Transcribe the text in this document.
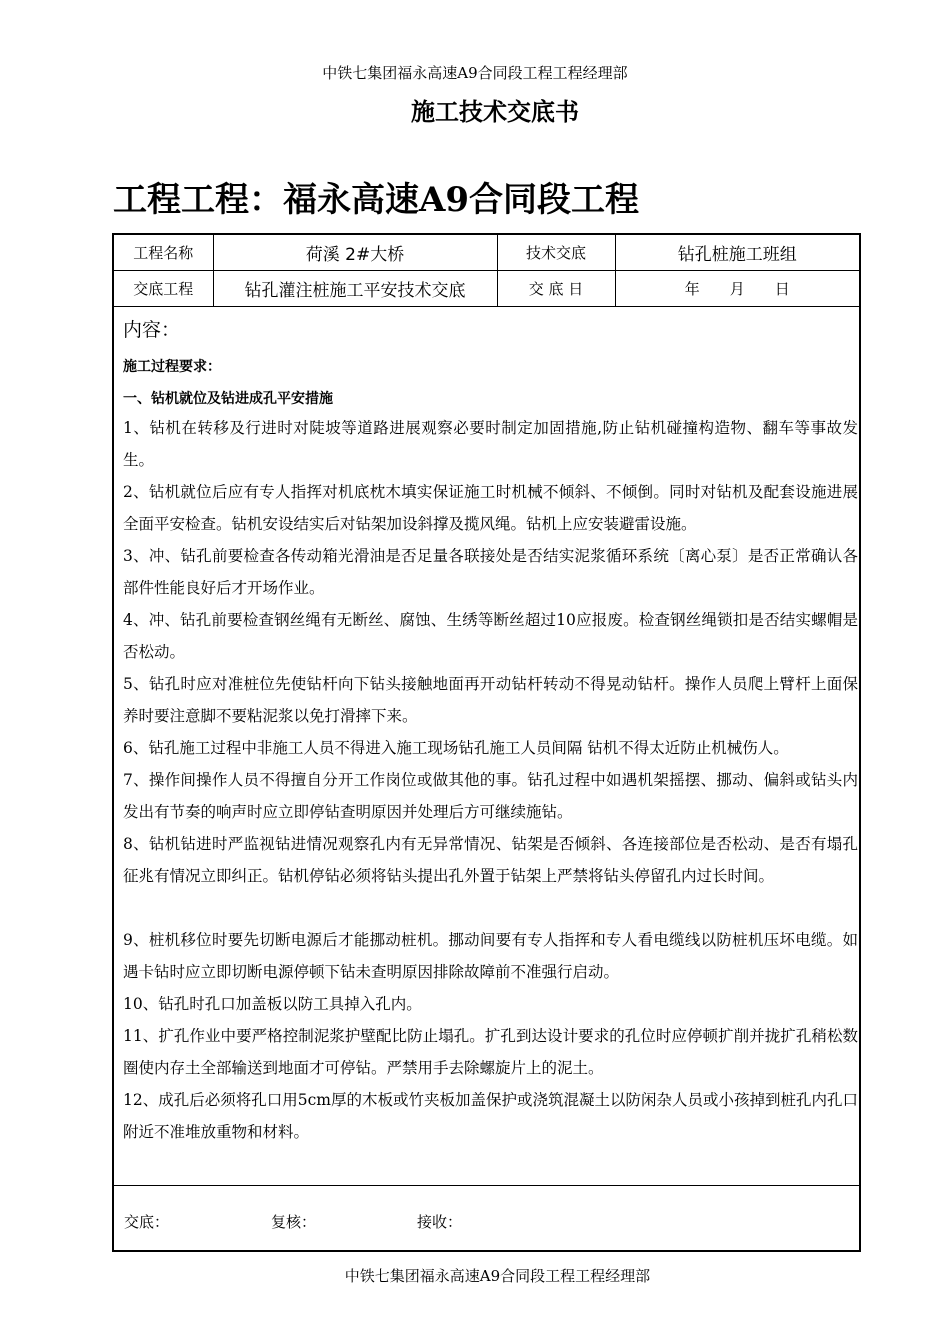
中铁七集团福永高速A9合同段工程工程经理部
施工技术交底书
工程工程：福永高速A9合同段工程
工程名称	荷溪 2#大桥	技术交底	钻孔桩施工班组
交底工程	钻孔灌注桩施工平安技术交底	交 底 日	年　　月　　日
内容：
施工过程要求：
一、钻机就位及钻进成孔平安措施
1、钻机在转移及行进时对陡坡等道路进展观察必要时制定加固措施,防止钻机碰撞构造物、翻车等事故发生。
2、钻机就位后应有专人指挥对机底枕木填实保证施工时机械不倾斜、不倾倒。同时对钻机及配套设施进展全面平安检查。钻机安设结实后对钻架加设斜撑及揽风绳。钻机上应安装避雷设施。
3、冲、钻孔前要检查各传动箱光滑油是否足量各联接处是否结实泥浆循环系统〔离心泵〕是否正常确认各部件性能良好后才开场作业。
4、冲、钻孔前要检查钢丝绳有无断丝、腐蚀、生绣等断丝超过10应报废。检查钢丝绳锁扣是否结实螺帽是否松动。
5、钻孔时应对准桩位先使钻杆向下钻头接触地面再开动钻杆转动不得晃动钻杆。操作人员爬上臂杆上面保养时要注意脚不要粘泥浆以免打滑摔下来。
6、钻孔施工过程中非施工人员不得进入施工现场钻孔施工人员间隔 钻机不得太近防止机械伤人。
7、操作间操作人员不得擅自分开工作岗位或做其他的事。钻孔过程中如遇机架摇摆、挪动、偏斜或钻头内发出有节奏的响声时应立即停钻查明原因并处理后方可继续施钻。
8、钻机钻进时严监视钻进情况观察孔内有无异常情况、钻架是否倾斜、各连接部位是否松动、是否有塌孔征兆有情况立即纠正。钻机停钻必须将钻头提出孔外置于钻架上严禁将钻头停留孔内过长时间。
9、桩机移位时要先切断电源后才能挪动桩机。挪动间要有专人指挥和专人看电缆线以防桩机压坏电缆。如遇卡钻时应立即切断电源停顿下钻未查明原因排除故障前不准强行启动。
10、钻孔时孔口加盖板以防工具掉入孔内。
11、扩孔作业中要严格控制泥浆护壁配比防止塌孔。扩孔到达设计要求的孔位时应停顿扩削并拢扩孔稍松数圈使内存土全部输送到地面才可停钻。严禁用手去除螺旋片上的泥土。
12、成孔后必须将孔口用5cm厚的木板或竹夹板加盖保护或浇筑混凝土以防闲杂人员或小孩掉到桩孔内孔口附近不准堆放重物和材料。
交底：	复核：	接收：
中铁七集团福永高速A9合同段工程工程经理部
